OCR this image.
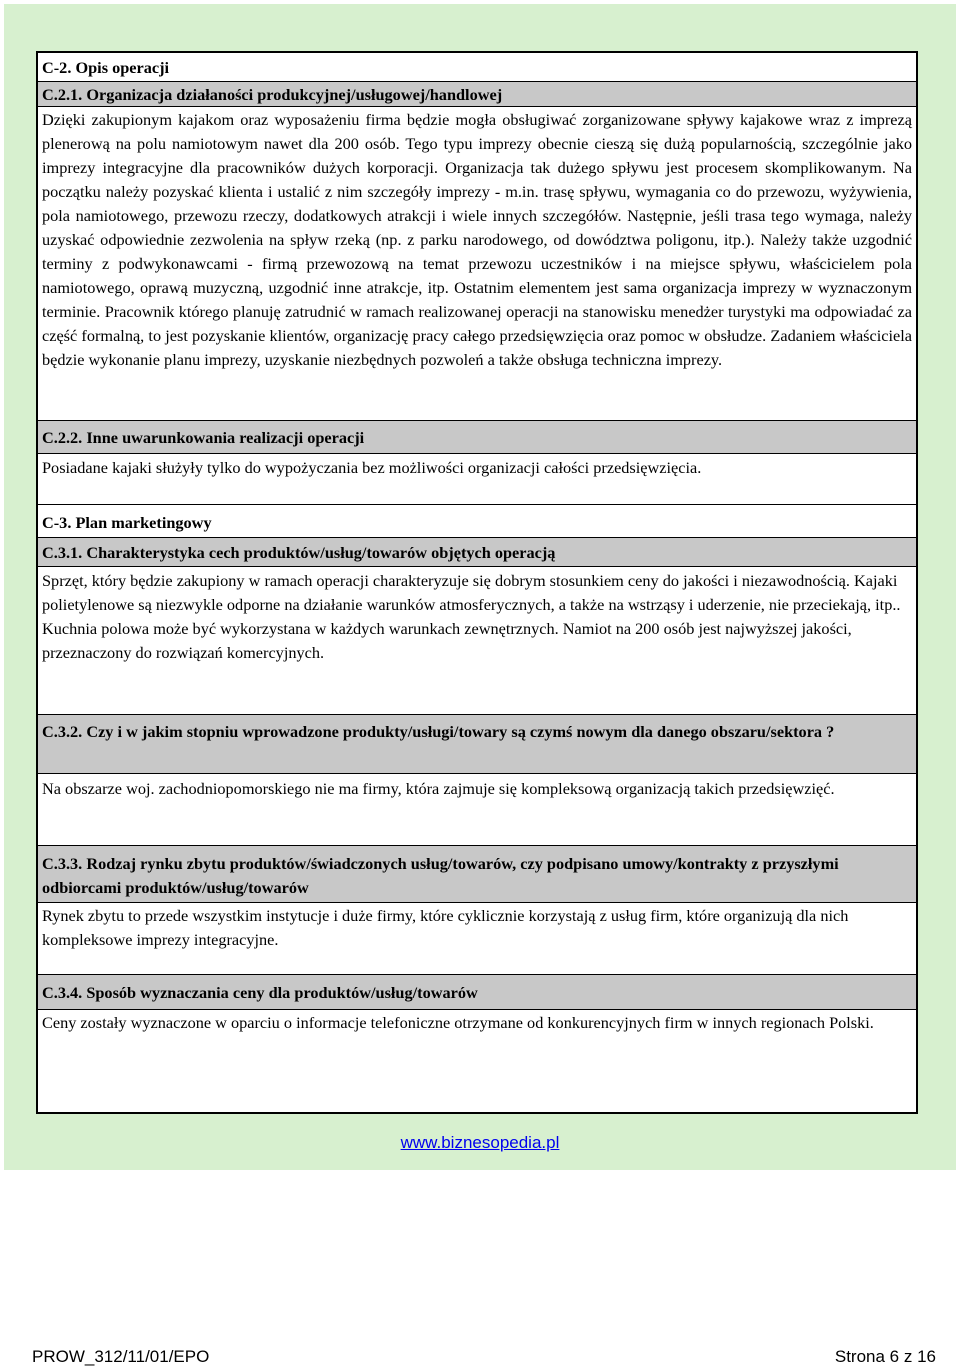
C-2. Opis operacji
C.2.1. Organizacja działaności produkcyjnej/usługowej/handlowej
Dzięki zakupionym kajakom oraz wyposażeniu firma będzie mogła obsługiwać zorganizowane spływy kajakowe wraz z imprezą plenerową na polu namiotowym nawet dla 200 osób. Tego typu imprezy obecnie cieszą się dużą popularnością, szczególnie jako imprezy integracyjne dla pracowników dużych korporacji. Organizacja tak dużego spływu jest procesem skomplikowanym. Na początku należy pozyskać klienta i ustalić z nim szczegóły imprezy - m.in. trasę spływu, wymagania co do przewozu, wyżywienia, pola namiotowego, przewozu rzeczy, dodatkowych atrakcji i wiele innych szczegółów. Następnie, jeśli trasa tego wymaga, należy uzyskać odpowiednie zezwolenia na spływ rzeką (np. z parku narodowego, od dowództwa poligonu, itp.). Należy także uzgodnić terminy z podwykonawcami - firmą przewozową na temat przewozu uczestników i na miejsce spływu, właścicielem pola namiotowego, oprawą muzyczną, uzgodnić inne atrakcje, itp. Ostatnim elementem jest sama organizacja imprezy w wyznaczonym terminie. Pracownik którego planuję zatrudnić w ramach realizowanej operacji na stanowisku menedżer turystyki ma odpowiadać za część formalną, to jest pozyskanie klientów, organizację pracy całego przedsięwzięcia oraz pomoc w obsłudze. Zadaniem właściciela będzie wykonanie planu imprezy, uzyskanie niezbędnych pozwoleń a także obsługa techniczna imprezy.
C.2.2. Inne uwarunkowania realizacji operacji
Posiadane kajaki służyły tylko do wypożyczania bez możliwości organizacji całości przedsięwzięcia.
C-3. Plan marketingowy
C.3.1. Charakterystyka cech produktów/usług/towarów objętych operacją
Sprzęt, który będzie zakupiony w ramach operacji charakteryzuje się dobrym stosunkiem ceny do jakości i niezawodnością. Kajaki polietylenowe są niezwykle odporne na działanie warunków atmosferycznych, a także na wstrząsy i uderzenie, nie przeciekają, itp.. Kuchnia polowa może być wykorzystana w każdych warunkach zewnętrznych. Namiot na 200 osób jest najwyższej jakości, przeznaczony do rozwiązań komercyjnych.
C.3.2. Czy i w jakim stopniu wprowadzone produkty/usługi/towary są czymś nowym dla danego obszaru/sektora ?
Na obszarze woj. zachodniopomorskiego nie ma firmy, która zajmuje się kompleksową organizacją takich przedsięwzięć.
C.3.3. Rodzaj rynku zbytu produktów/świadczonych usług/towarów, czy podpisano umowy/kontrakty z przyszłymi odbiorcami produktów/usług/towarów
Rynek zbytu to przede wszystkim instytucje i duże firmy, które cyklicznie korzystają z usług firm, które organizują dla nich kompleksowe imprezy integracyjne.
C.3.4. Sposób wyznaczania ceny dla produktów/usług/towarów
Ceny zostały wyznaczone w oparciu o informacje telefoniczne otrzymane od konkurencyjnych firm w innych regionach Polski.
www.biznesopedia.pl
PROW_312/11/01/EPO	Strona 6 z 16
